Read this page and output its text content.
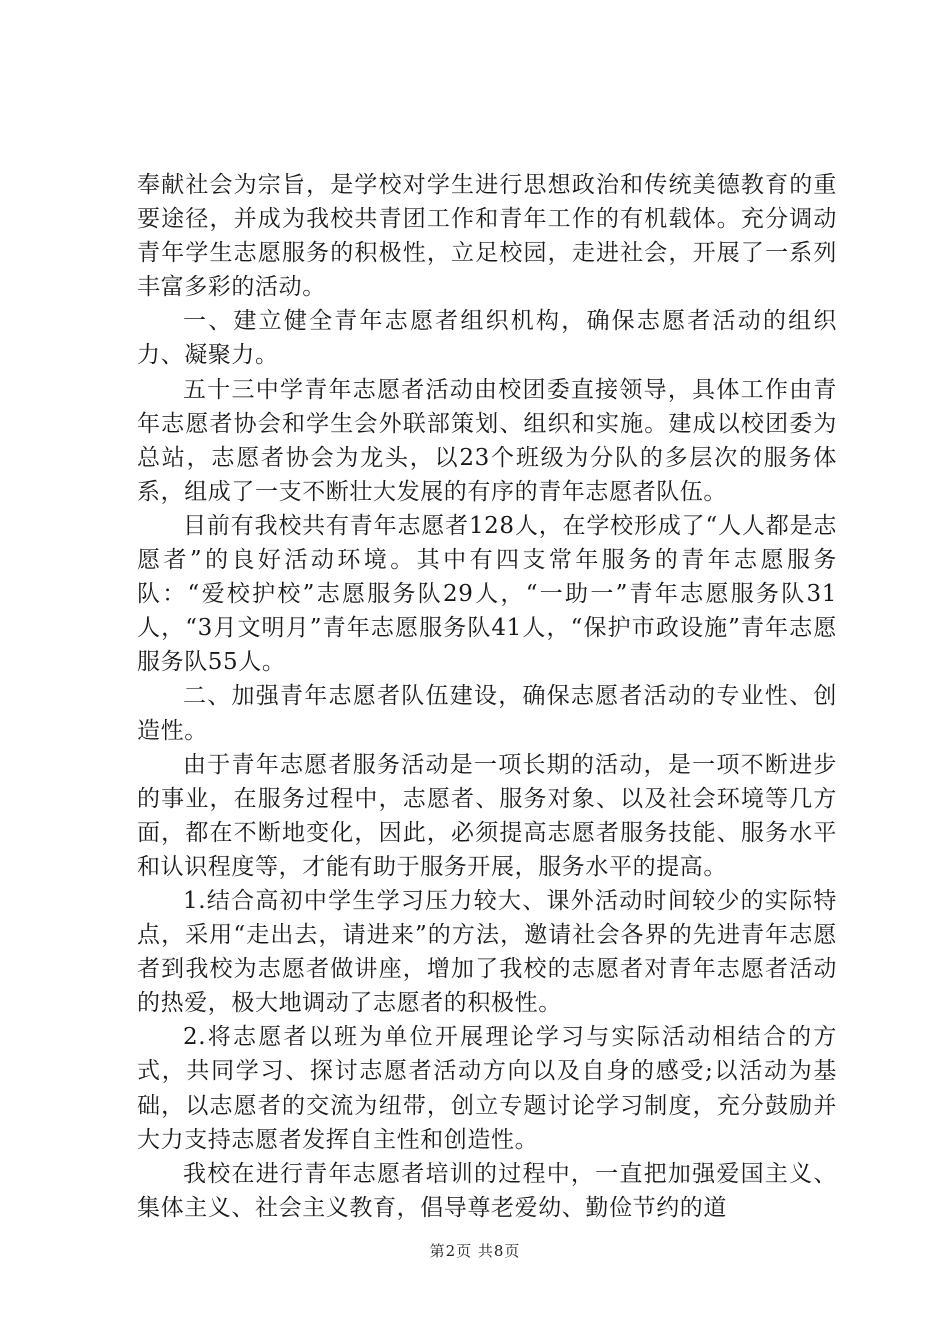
奉献社会为宗旨，是学校对学生进行思想政治和传统美德教育的重要途径，并成为我校共青团工作和青年工作的有机载体。充分调动青年学生志愿服务的积极性，立足校园，走进社会，开展了一系列丰富多彩的活动。

一、建立健全青年志愿者组织机构，确保志愿者活动的组织力、凝聚力。

五十三中学青年志愿者活动由校团委直接领导，具体工作由青年志愿者协会和学生会外联部策划、组织和实施。建成以校团委为总站，志愿者协会为龙头，以23个班级为分队的多层次的服务体系，组成了一支不断壮大发展的有序的青年志愿者队伍。

目前有我校共有青年志愿者128人，在学校形成了“人人都是志愿者”的良好活动环境。其中有四支常年服务的青年志愿服务队：“爱校护校”志愿服务队29人，“一助一”青年志愿服务队31人，“3月文明月”青年志愿服务队41人，“保护市政设施”青年志愿服务队55人。

二、加强青年志愿者队伍建设，确保志愿者活动的专业性、创造性。

由于青年志愿者服务活动是一项长期的活动，是一项不断进步的事业，在服务过程中，志愿者、服务对象、以及社会环境等几方面，都在不断地变化，因此，必须提高志愿者服务技能、服务水平和认识程度等，才能有助于服务开展，服务水平的提高。

1.结合高初中学生学习压力较大、课外活动时间较少的实际特点，采用“走出去，请进来”的方法，邀请社会各界的先进青年志愿者到我校为志愿者做讲座，增加了我校的志愿者对青年志愿者活动的热爱，极大地调动了志愿者的积极性。

2.将志愿者以班为单位开展理论学习与实际活动相结合的方式，共同学习、探讨志愿者活动方向以及自身的感受;以活动为基础，以志愿者的交流为纽带，创立专题讨论学习制度，充分鼓励并大力支持志愿者发挥自主性和创造性。

我校在进行青年志愿者培训的过程中，一直把加强爱国主义、集体主义、社会主义教育，倡导尊老爱幼、勤俭节约的道

第2页 共8页
